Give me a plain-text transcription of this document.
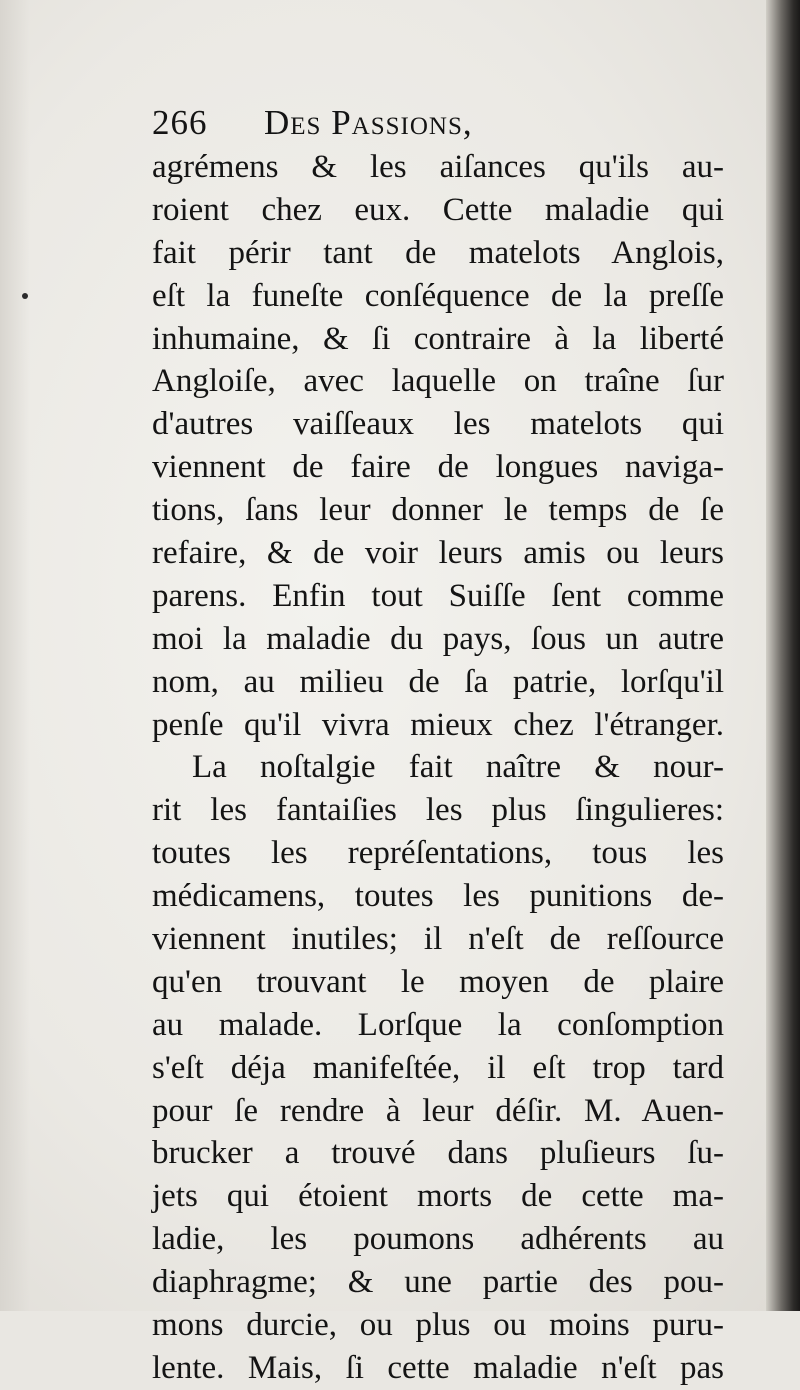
266 Des Passions,
agrémens & les aiſances qu'ils au-
roient chez eux. Cette maladie qui
fait périr tant de matelots Anglois,
eſt la funeſte conſéquence de la preſſe
inhumaine, & ſi contraire à la liberté
Angloiſe, avec laquelle on traîne ſur
d'autres vaiſſeaux les matelots qui
viennent de faire de longues naviga-
tions, ſans leur donner le temps de ſe
refaire, & de voir leurs amis ou leurs
parens. Enfin tout Suiſſe ſent comme
moi la maladie du pays, ſous un autre
nom, au milieu de ſa patrie, lorſqu'il
penſe qu'il vivra mieux chez l'étranger.
La noſtalgie fait naître & nour-
rit les fantaiſies les plus ſingulieres:
toutes les repréſentations, tous les
médicamens, toutes les punitions de-
viennent inutiles; il n'eſt de reſſource
qu'en trouvant le moyen de plaire
au malade. Lorſque la conſomption
s'eſt déja manifeſtée, il eſt trop tard
pour ſe rendre à leur déſir. M. Auen-
brucker a trouvé dans pluſieurs ſu-
jets qui étoient morts de cette ma-
ladie, les poumons adhérents au
diaphragme; & une partie des pou-
mons durcie, ou plus ou moins puru-
lente. Mais, ſi cette maladie n'eſt pas
